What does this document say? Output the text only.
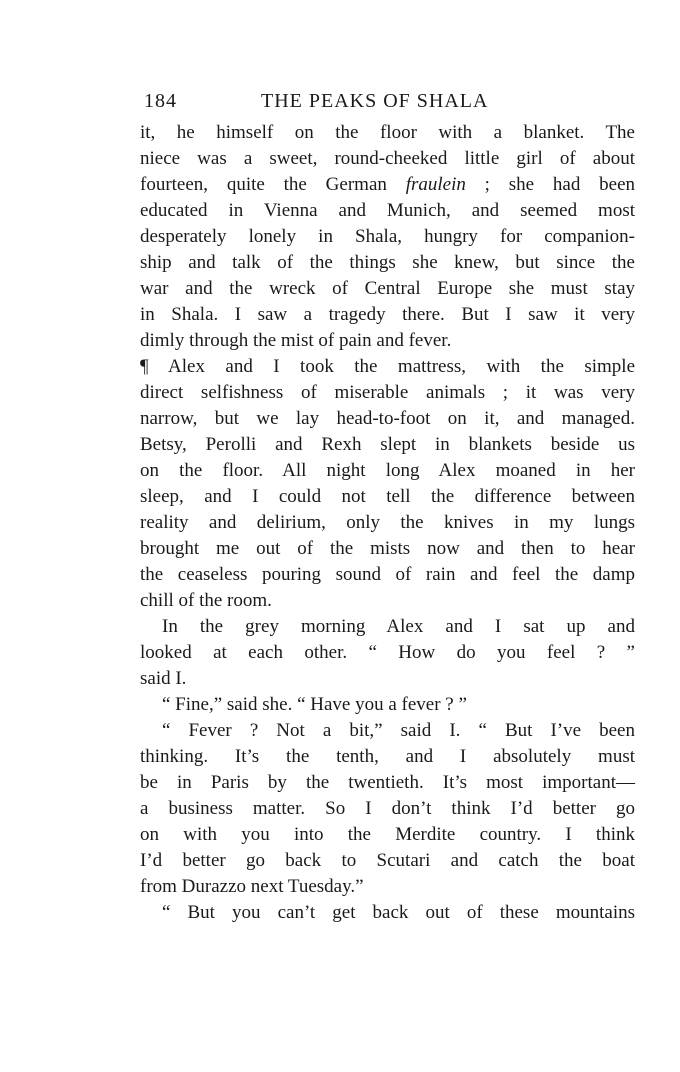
184	THE PEAKS OF SHALA
it, he himself on the floor with a blanket. The
niece was a sweet, round-cheeked little girl of about
fourteen, quite the German fraulein ; she had been
educated in Vienna and Munich, and seemed most
desperately lonely in Shala, hungry for companion-
ship and talk of the things she knew, but since the
war and the wreck of Central Europe she must stay
in Shala. I saw a tragedy there. But I saw it very
dimly through the mist of pain and fever.
¶ Alex and I took the mattress, with the simple
direct selfishness of miserable animals ; it was very
narrow, but we lay head-to-foot on it, and managed.
Betsy, Perolli and Rexh slept in blankets beside us
on the floor. All night long Alex moaned in her
sleep, and I could not tell the difference between
reality and delirium, only the knives in my lungs
brought me out of the mists now and then to hear
the ceaseless pouring sound of rain and feel the damp
chill of the room.
In the grey morning Alex and I sat up and
looked at each other. “ How do you feel ? ”
said I.
“ Fine,” said she. “ Have you a fever ? ”
“ Fever ? Not a bit,” said I. “ But I’ve been
thinking. It’s the tenth, and I absolutely must
be in Paris by the twentieth. It’s most important—
a business matter. So I don’t think I’d better go
on with you into the Merdite country. I think
I’d better go back to Scutari and catch the boat
from Durazzo next Tuesday.”
“ But you can’t get back out of these mountains
